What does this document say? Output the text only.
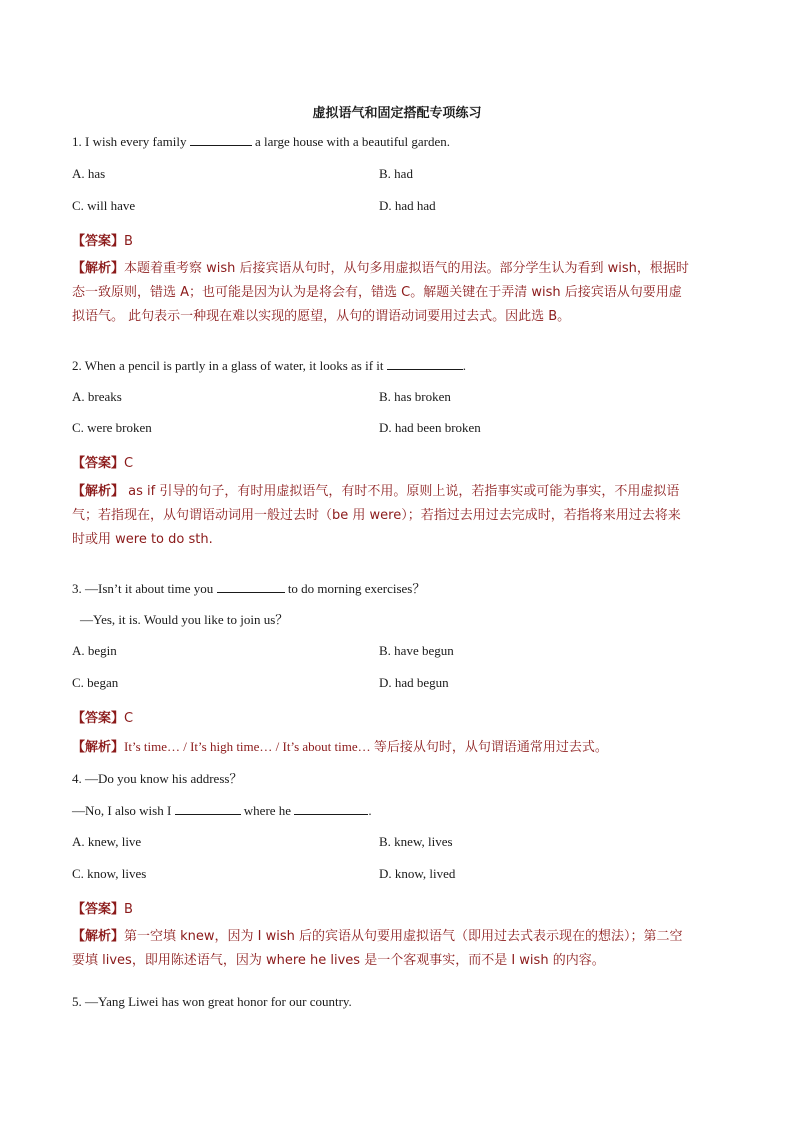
虚拟语气和固定搭配专项练习
1. I wish every family	a large house with a beautiful garden.
A. has	B. had
C. will have	D. had had
【答案】B
【解析】本题着重考察 wish 后接宾语从句时，从句多用虚拟语气的用法。部分学生认为看到 wish，根据时
态一致原则，错选 A；也可能是因为认为是将会有，错选 C。解题关键在于弄清 wish 后接宾语从句要用虚
拟语气。 此句表示一种现在难以实现的愿望，从句的谓语动词要用过去式。因此选 B。
2. When a pencil is partly in a glass of water, it looks as if it	.
A. breaks	B. has broken
C. were broken	D. had been broken
【答案】C
【解析】 as if 引导的句子，有时用虚拟语气，有时不用。原则上说，若指事实或可能为事实，不用虚拟语
气；若指现在，从句谓语动词用一般过去时（be 用 were）；若指过去用过去完成时，若指将来用过去将来
时或用 were to do sth.
3. —Isn’t it about time you	to do morning exercises？
—Yes, it is. Would you like to join us？
A. begin	B. have begun
C. began	D. had begun
【答案】C
【解析】It’s time… / It’s high time… / It’s about time… 等后接从句时，从句谓语通常用过去式。
4. —Do you know his address？
—No, I also wish I	where he	.
A. knew, live	B. knew, lives
C. know, lives	D. know, lived
【答案】B
【解析】第一空填 knew，因为 I wish 后的宾语从句要用虚拟语气（即用过去式表示现在的想法）；第二空
要填 lives，即用陈述语气，因为 where he lives 是一个客观事实，而不是 I wish 的内容。
5. —Yang Liwei has won great honor for our country.
